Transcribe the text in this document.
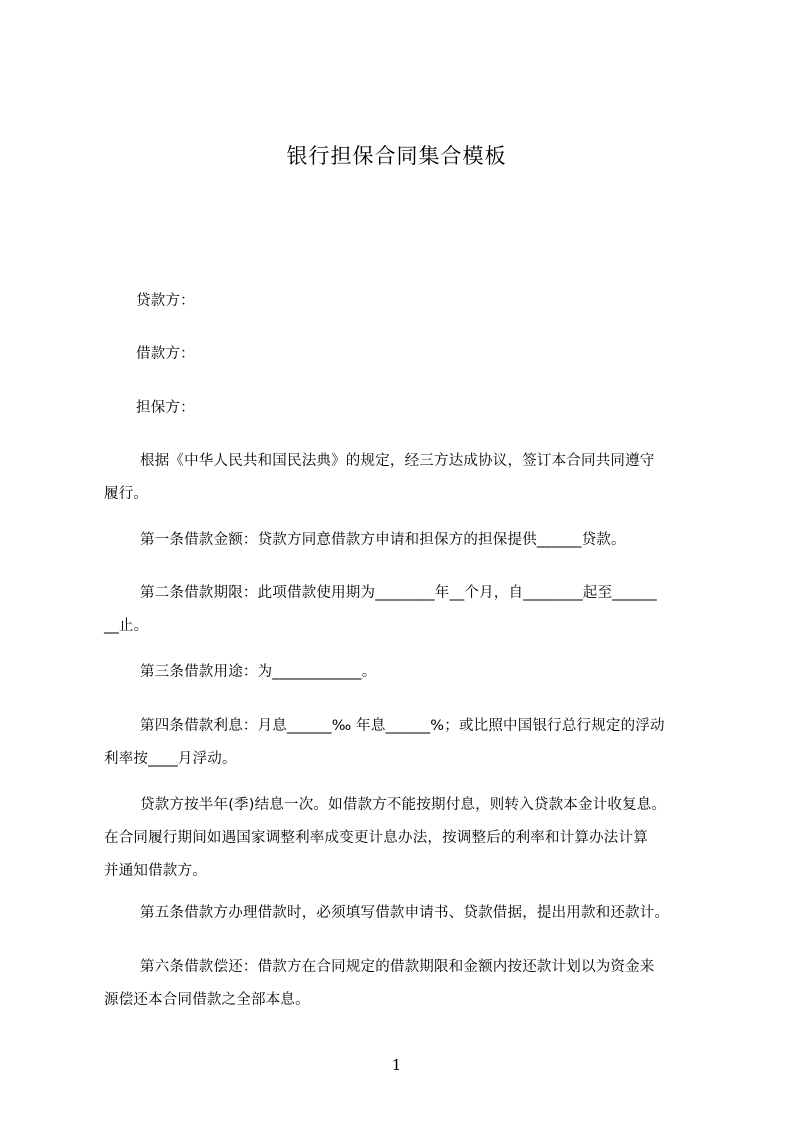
银行担保合同集合模板
贷款方：
借款方：
担保方：
根据《中华人民共和国民法典》的规定，经三方达成协议，签订本合同共同遵守
履行。
第一条借款金额：贷款方同意借款方申请和担保方的担保提供______贷款。
第二条借款期限：此项借款使用期为________年__个月，自________起至______
__止。
第三条借款用途：为____________。
第四条借款利息：月息______‰ 年息______%；或比照中国银行总行规定的浮动
利率按____月浮动。
贷款方按半年(季)结息一次。如借款方不能按期付息，则转入贷款本金计收复息。
在合同履行期间如遇国家调整利率成变更计息办法，按调整后的利率和计算办法计算
并通知借款方。
第五条借款方办理借款时，必须填写借款申请书、贷款借据，提出用款和还款计。
第六条借款偿还：借款方在合同规定的借款期限和金额内按还款计划以为资金来
源偿还本合同借款之全部本息。
1
